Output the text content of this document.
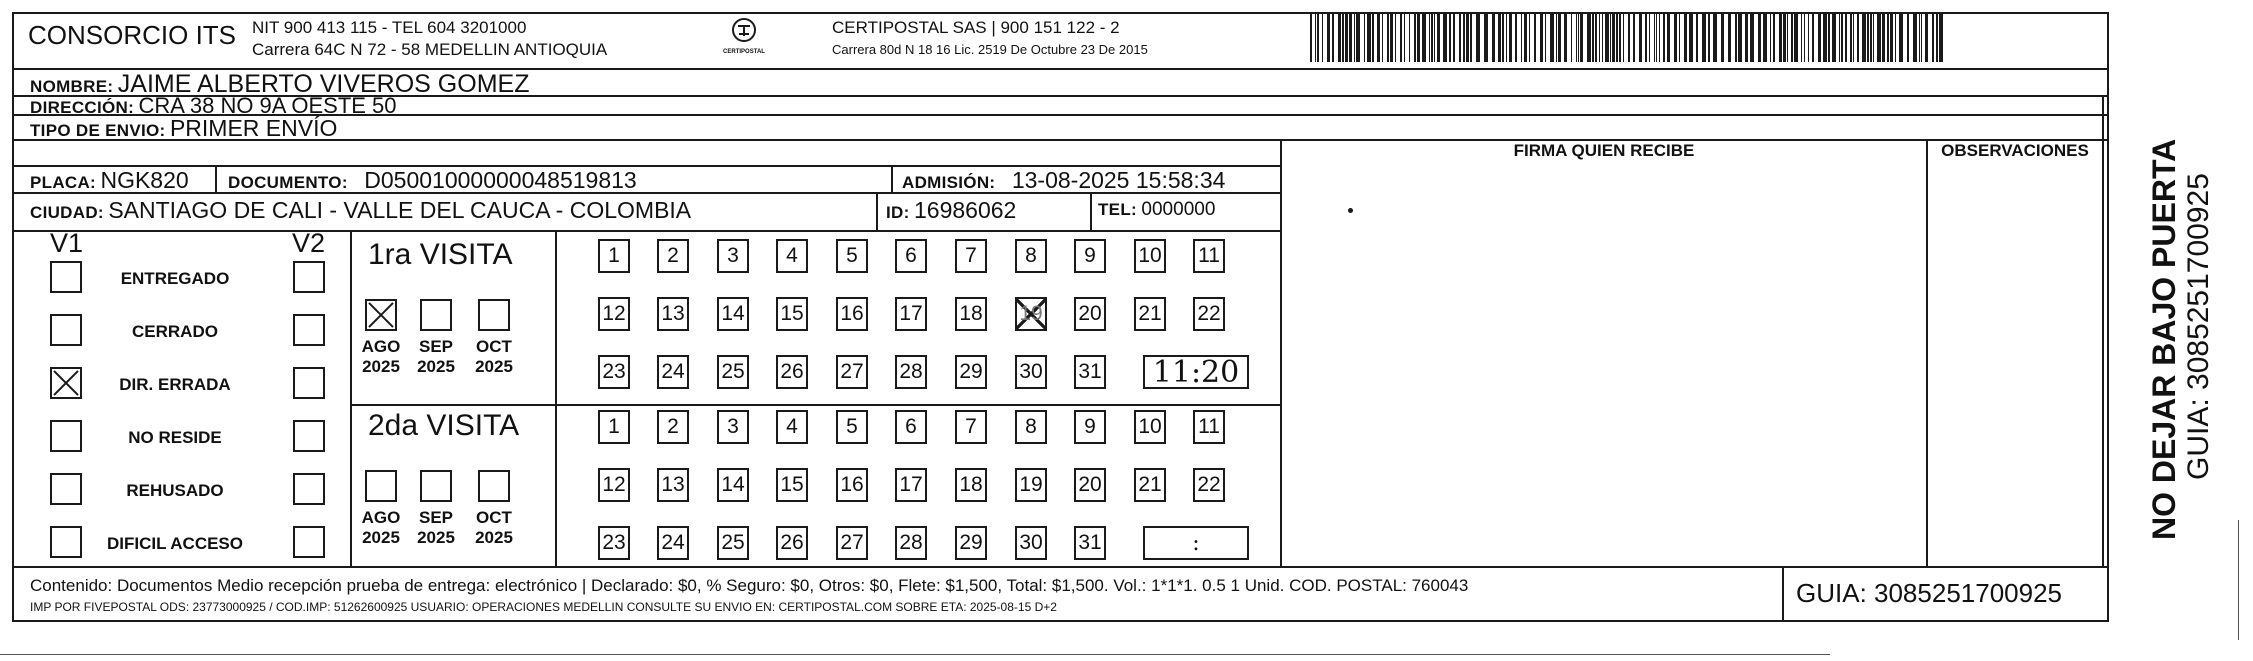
CONSORCIO ITS NIT 900 413 115 - TEL 604 3201000
Carrera 64C N 72 - 58 MEDELLIN ANTIOQUIA	CERTIPOSTAL
CERTIPOSTAL SAS | 900 151 122 - 2
Carrera 80d N 18 16 Lic. 2519 De Octubre 23 De 2015
NOMBRE: JAIME ALBERTO VIVEROS GOMEZ
DIRECCIÓN: CRA 38 NO 9A OESTE 50
TIPO DE ENVIO: PRIMER ENVÍO
FIRMA QUIEN RECIBE	OBSERVACIONES
PLACA: NGK820 DOCUMENTO: D05001000000048519813	ADMISIÓN: 13-08-2025 15:58:34
CIUDAD: SANTIAGO DE CALI - VALLE DEL CAUCA - COLOMBIA	ID: 16986062	TEL: 0000000
V1	V2 1ra VISITA
2da VISITA
Contenido: Documentos Medio recepción prueba de entrega: electrónico | Declarado: $0, % Seguro: $0, Otros: $0, Flete: $1,500, Total: $1,500. Vol.: 1*1*1. 0.5 1 Unid. COD. POSTAL: 760043
IMP POR FIVEPOSTAL ODS: 23773000925 / COD.IMP: 51262600925 USUARIO: OPERACIONES MEDELLIN CONSULTE SU ENVIO EN: CERTIPOSTAL.COM SOBRE ETA: 2025-08-15 D+2	GUIA: 3085251700925
NO DEJAR BAJO PUERTA GUIA: 3085251700925
ENTREGADO
CERRADO
DIR. ERRADA
NO RESIDE
REHUSADO
DIFICIL ACCESO
AGO
2025
SEP
2025
OCT
2025
1	2	3	4	5	6	7	8	9	10 11
12 13 14 15 16 17 18 19 20 21 22
23 24 25 26 27 28 29 30 31	11:20
AGO
2025
SEP
2025
OCT
2025
1	2	3	4	5	6	7	8	9	10 11
12 13 14 15 16 17 18 19 20 21 22
23 24 25 26 27 28 29 30 31	:
